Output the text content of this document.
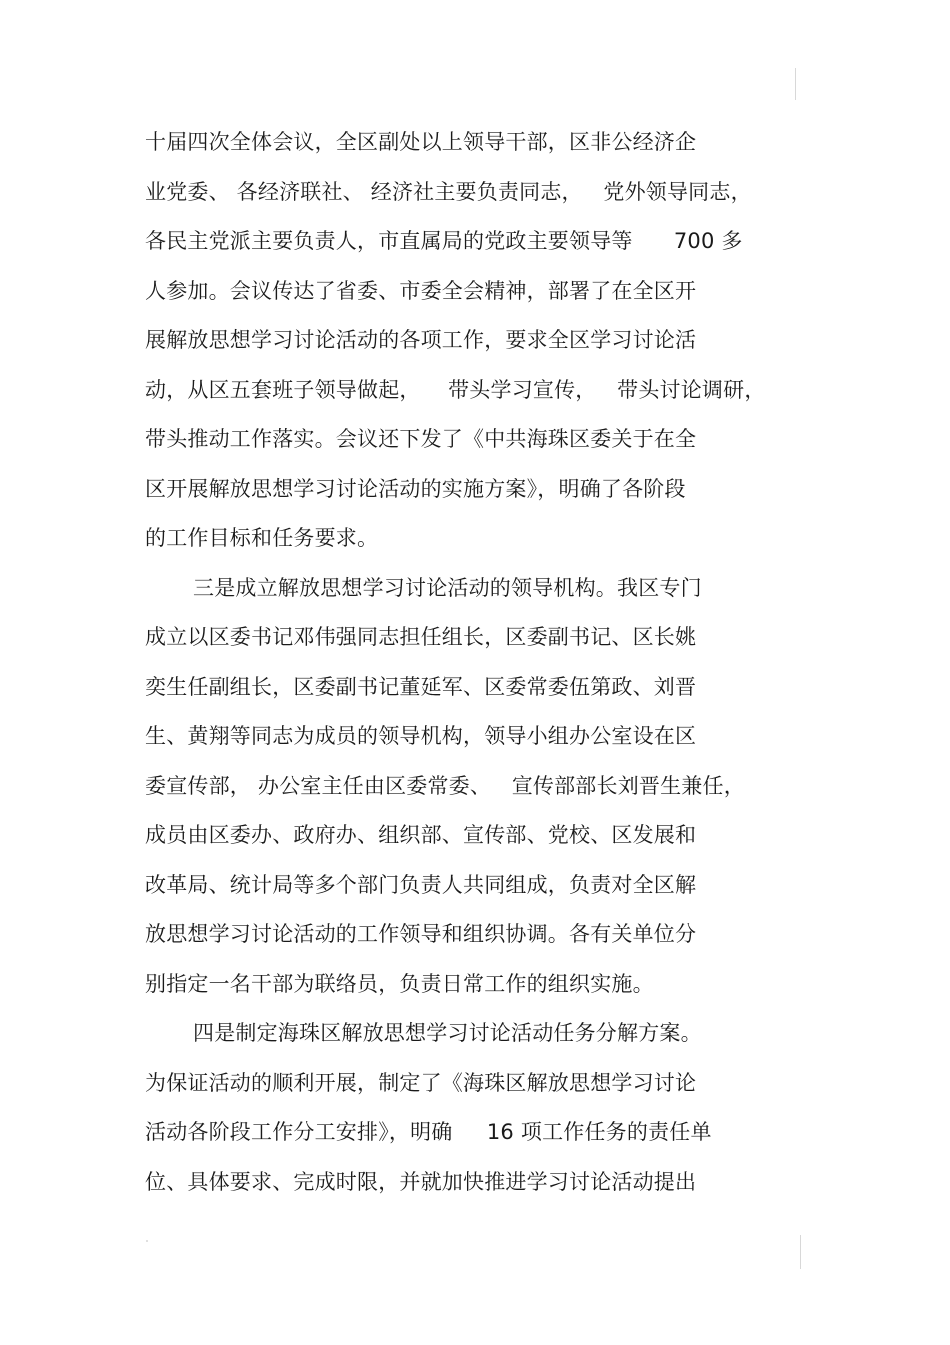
十届四次全体会议，全区副处以上领导干部，区非公经济企
业党委、 各经济联社、 经济社主要负责同志，   党外领导同志，
各民主党派主要负责人，市直属局的党政主要领导等      700 多
人参加。会议传达了省委、市委全会精神，部署了在全区开
展解放思想学习讨论活动的各项工作，要求全区学习讨论活
动，从区五套班子领导做起，    带头学习宣传，   带头讨论调研，
带头推动工作落实。会议还下发了《中共海珠区委关于在全
区开展解放思想学习讨论活动的实施方案》，明确了各阶段
的工作目标和任务要求。
三是成立解放思想学习讨论活动的领导机构。我区专门
成立以区委书记邓伟强同志担任组长，区委副书记、区长姚
奕生任副组长，区委副书记董延军、区委常委伍第政、刘晋
生、黄翔等同志为成员的领导机构，领导小组办公室设在区
委宣传部， 办公室主任由区委常委、   宣传部部长刘晋生兼任，
成员由区委办、政府办、组织部、宣传部、党校、区发展和
改革局、统计局等多个部门负责人共同组成，负责对全区解
放思想学习讨论活动的工作领导和组织协调。各有关单位分
别指定一名干部为联络员，负责日常工作的组织实施。
四是制定海珠区解放思想学习讨论活动任务分解方案。
为保证活动的顺利开展，制定了《海珠区解放思想学习讨论
活动各阶段工作分工安排》，明确     16 项工作任务的责任单
位、具体要求、完成时限，并就加快推进学习讨论活动提出
